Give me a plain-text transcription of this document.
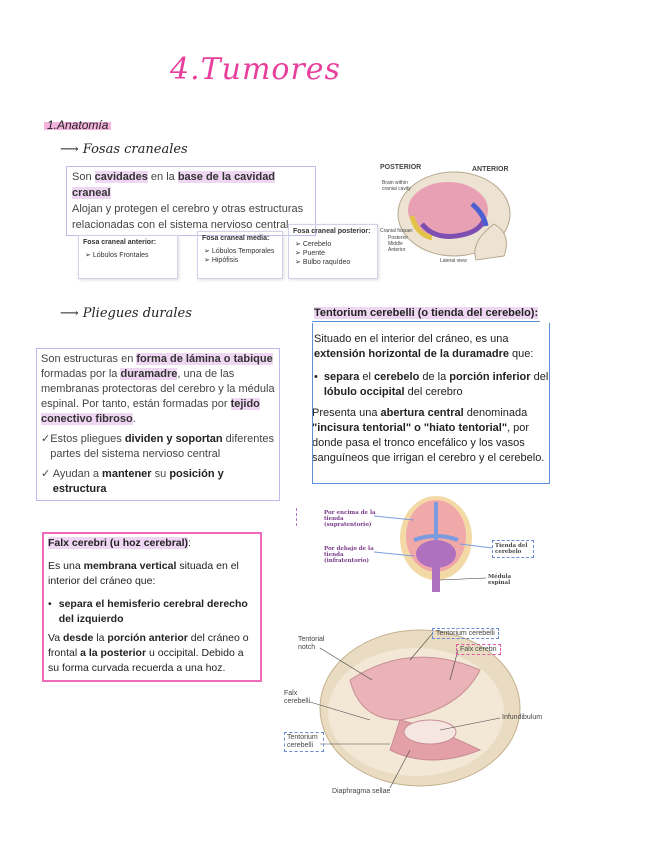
4.Tumores
1.Anatomía
⟶ Fosas craneales
Son cavidades en la base de la cavidad craneal
Alojan y protegen el cerebro y otras estructuras relacionadas con el sistema nervioso central
Fosa craneal anterior:
➢ Lóbulos Frontales
Fosa craneal media:
➢ Lóbulos Temporales
➢ Hipófisis
Fosa craneal posterior:
➢ Cerebelo
➢ Puente
➢ Bulbo raquídeo
POSTERIOR	ANTERIOR
Brain within
cranial cavity
Cranial fossae:
Posterior
Middle
Anterior
Lateral view
⟶ Pliegues durales
Son estructuras en forma de lámina o tabique formadas por la duramadre, una de las membranas protectoras del cerebro y la médula espinal. Por tanto, están formadas por tejido conectivo fibroso.
✓ Estos pliegues dividen y soportan diferentes partes del sistema nervioso central
✓ Ayudan a mantener su posición y estructura
Tentorium cerebelli (o tienda del cerebelo):
Situado en el interior del cráneo, es una extensión horizontal de la duramadre que:
• separa el cerebelo de la porción inferior del lóbulo occipital del cerebro
Presenta una abertura central denominada "incisura tentorial" o "hiato tentorial", por donde pasa el tronco encefálico y los vasos sanguíneos que irrigan el cerebro y el cerebelo.
Falx cerebri (u hoz cerebral):
Es una membrana vertical situada en el interior del cráneo que:
• separa el hemisferio cerebral derecho del izquierdo
Va desde la porción anterior del cráneo o frontal a la posterior u occipital. Debido a su forma curvada recuerda a una hoz.
Por encima de la tienda (supratentorio)
Por debajo de la tienda (infratentorio)
Tienda del cerebelo
Médula espinal
Tentorial notch
Tentorium cerebelli
Falx cerebri
Falx cerebelli
Infundibulum
Tentorium cerebelli
Diaphragma sellae
